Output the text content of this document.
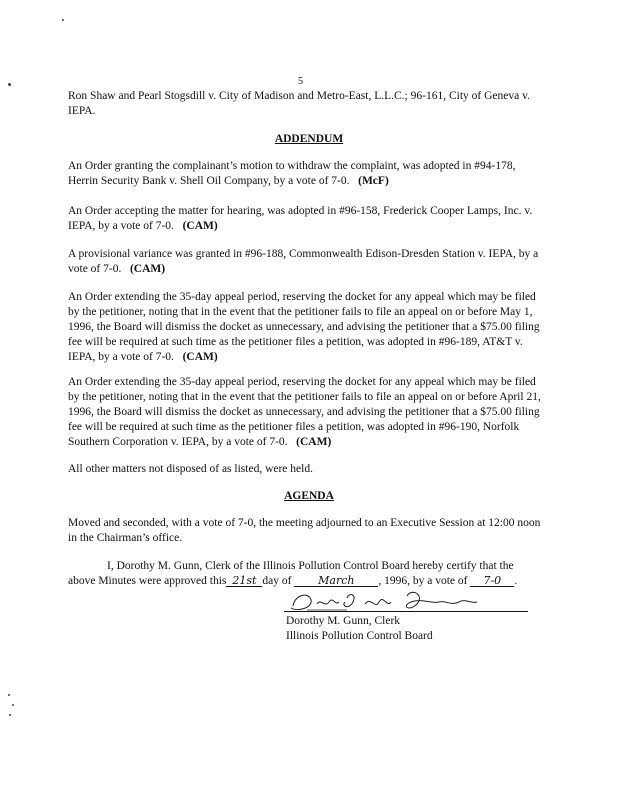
5

Ron Shaw and Pearl Stogsdill v. City of Madison and Metro-East, L.L.C.; 96-161, City of Geneva v. IEPA.

ADDENDUM

An Order granting the complainant’s motion to withdraw the complaint, was adopted in #94-178, Herrin Security Bank v. Shell Oil Company, by a vote of 7-0. (McF)

An Order accepting the matter for hearing, was adopted in #96-158, Frederick Cooper Lamps, Inc. v. IEPA, by a vote of 7-0. (CAM)

A provisional variance was granted in #96-188, Commonwealth Edison-Dresden Station v. IEPA, by a vote of 7-0. (CAM)

An Order extending the 35-day appeal period, reserving the docket for any appeal which may be filed by the petitioner, noting that in the event that the petitioner fails to file an appeal on or before May 1, 1996, the Board will dismiss the docket as unnecessary, and advising the petitioner that a $75.00 filing fee will be required at such time as the petitioner files a petition, was adopted in #96-189, AT&T v. IEPA, by a vote of 7-0. (CAM)

An Order extending the 35-day appeal period, reserving the docket for any appeal which may be filed by the petitioner, noting that in the event that the petitioner fails to file an appeal on or before April 21, 1996, the Board will dismiss the docket as unnecessary, and advising the petitioner that a $75.00 filing fee will be required at such time as the petitioner files a petition, was adopted in #96-190, Norfolk Southern Corporation v. IEPA, by a vote of 7-0. (CAM)

All other matters not disposed of as listed, were held.

AGENDA

Moved and seconded, with a vote of 7-0, the meeting adjourned to an Executive Session at 12:00 noon in the Chairman’s office.

I, Dorothy M. Gunn, Clerk of the Illinois Pollution Control Board hereby certify that the
above Minutes were approved this 21st day of March , 1996, by a vote of 7-0 .
Dorothy M. Gunn, Clerk
Illinois Pollution Control Board
